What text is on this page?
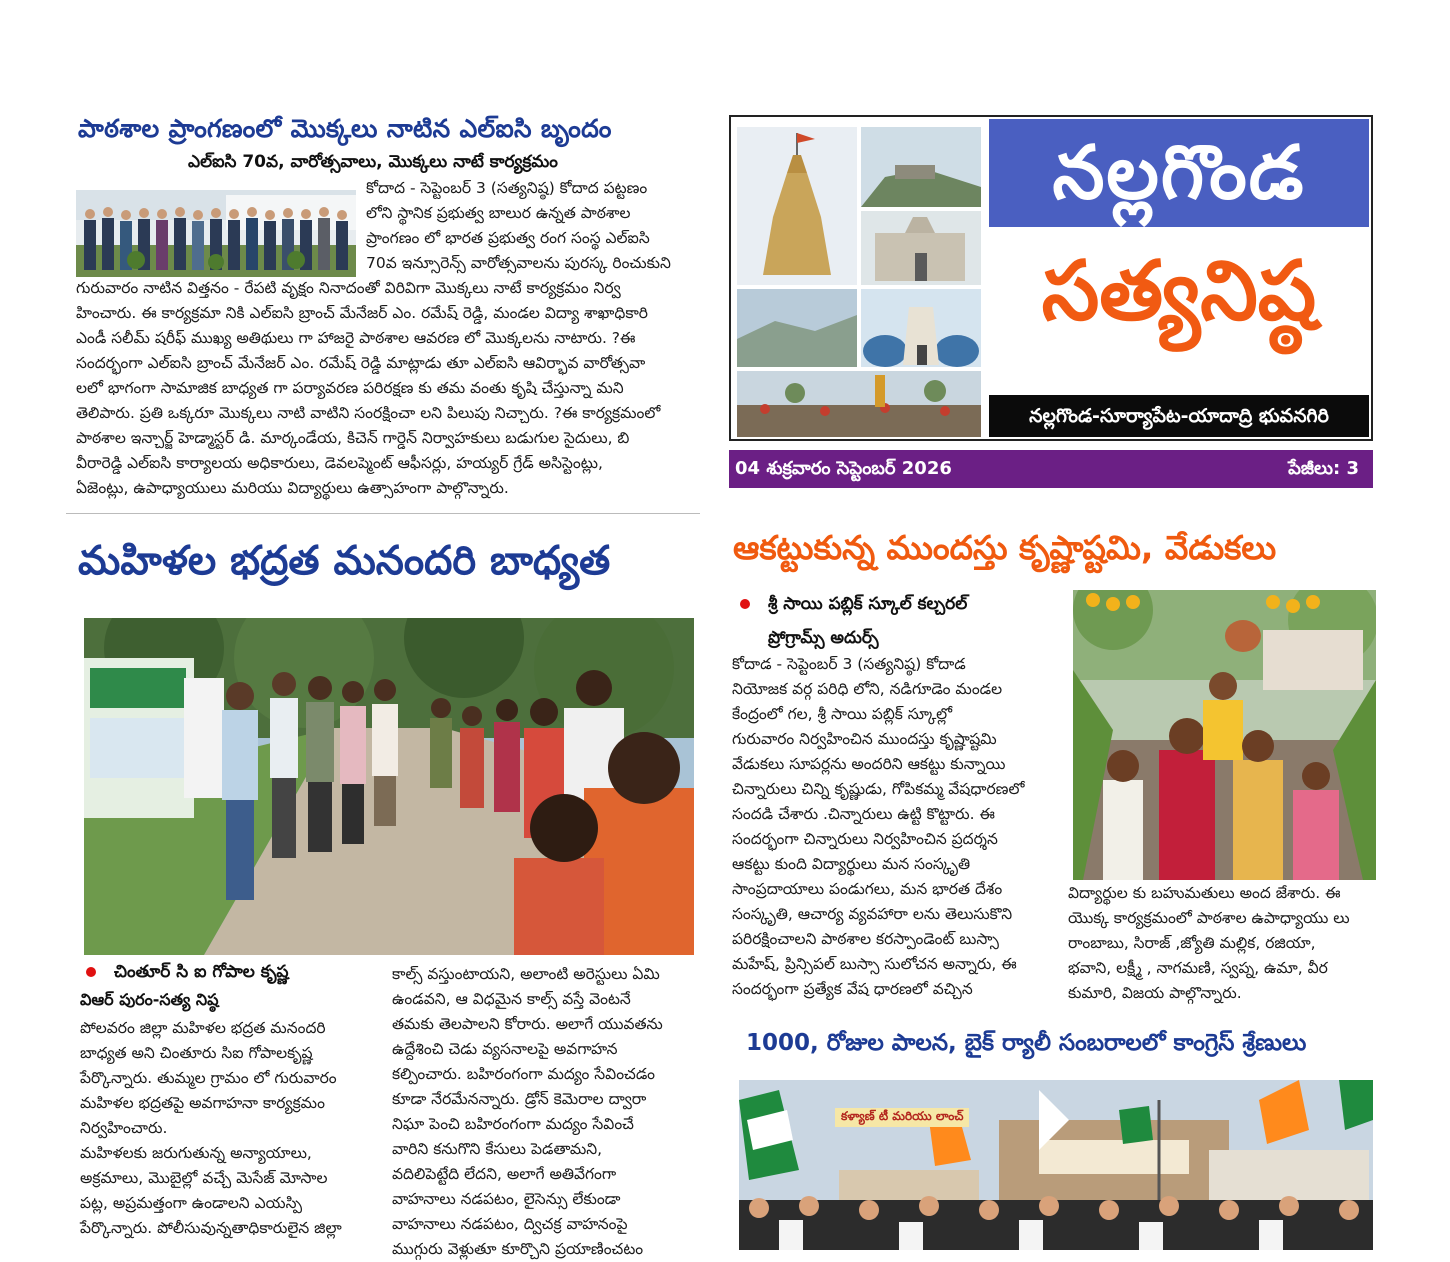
పాఠశాల ప్రాంగణంలో మొక్కలు నాటిన ఎల్ఐసి బృందం
ఎల్ఐసి 70వ, వారోత్సవాలు, మొక్కలు నాటే కార్యక్రమం
కోదాద - సెప్టెంబర్ 3 (సత్యనిష్ఠ) కోదాద పట్టణం
లోని స్థానిక ప్రభుత్వ బాలుర ఉన్నత పాఠశాల
ప్రాంగణం లో భారత ప్రభుత్వ రంగ సంస్థ ఎల్ఐసి
70వ ఇన్సూరెన్స్ వారోత్సవాలను పురస్క రించుకుని
గురువారం నాటిన విత్తనం - రేపటి వృక్షం నినాదంతో విరివిగా మొక్కలు నాటే కార్యక్రమం నిర్వ
హించారు. ఈ కార్యక్రమా నికి ఎల్ఐసి బ్రాంచ్ మేనేజర్ ఎం. రమేష్ రెడ్డి, మండల విద్యా శాఖాధికారి
ఎండీ సలీమ్ షరీఫ్ ముఖ్య అతిథులు గా హాజరై పాఠశాల ఆవరణ లో మొక్కలను నాటారు. ?ఈ
సందర్భంగా ఎల్ఐసి బ్రాంచ్ మేనేజర్ ఎం. రమేష్ రెడ్డి మాట్లాడు తూ ఎల్ఐసి ఆవిర్భావ వారోత్సవా
లలో భాగంగా సామాజిక బాధ్యత గా పర్యావరణ పరిరక్షణ కు తమ వంతు కృషి చేస్తున్నా మని
తెలిపారు. ప్రతి ఒక్కరూ మొక్కలు నాటి వాటిని సంరక్షించా లని పిలుపు నిచ్చారు. ?ఈ కార్యక్రమంలో
పాఠశాల ఇన్చార్జ్ హెడ్మాస్టర్ డి. మార్కండేయ, కిచెన్ గార్డెన్ నిర్వాహకులు బడుగుల సైదులు, బి
వీరారెడ్డి ఎల్ఐసి కార్యాలయ అధికారులు, డెవలప్మెంట్ ఆఫీసర్లు, హయ్యర్ గ్రేడ్ అసిస్టెంట్లు,
ఏజెంట్లు, ఉపాధ్యాయులు మరియు విద్యార్థులు ఉత్సాహంగా పాల్గొన్నారు.
నల్లగొండ
సత్యనిష్ఠ
నల్లగొండ-సూర్యాపేట-యాదాద్రి భువనగిరి
04 శుక్రవారం సెప్టెంబర్ 2026	పేజీలు: 3
మహిళల భద్రత మనందరి బాధ్యత
చింతూర్ సి ఐ గోపాల కృష్ణ
విఆర్ పురం-సత్య నిష్ఠ
పోలవరం జిల్లా మహిళల భద్రత మనందరి
బాధ్యత అని చింతూరు సిఐ గోపాలకృష్ణ
పేర్కొన్నారు. తుమ్మల గ్రామం లో గురువారం
మహిళల భద్రతపై అవగాహనా కార్యక్రమం
నిర్వహించారు.
మహిళలకు జరుగుతున్న అన్యాయాలు,
అక్రమాలు, మొబైల్లో వచ్చే మెసేజ్ మోసాల
పట్ల, అప్రమత్తంగా ఉండాలని ఎయస్పి
పేర్కొన్నారు. పోలీసువున్నతాధికారులైన జిల్లా
కాల్స్ వస్తుంటాయని, అలాంటి అరెస్టులు ఏమి
ఉండవని, ఆ విధమైన కాల్స్ వస్తే వెంటనే
తమకు తెలపాలని కోరారు. అలాగే యువతను
ఉద్దేశించి చెడు వ్యసనాలపై అవగాహన
కల్పించారు. బహిరంగంగా మద్యం సేవించడం
కూడా నేరమేనన్నారు. డ్రోన్ కెమెరాల ద్వారా
నిఘా పెంచి బహిరంగంగా మద్యం సేవించే
వారిని కనుగొని కేసులు పెడతామని,
వదిలిపెట్టేది లేదని, అలాగే అతివేగంగా
వాహనాలు నడపటం, లైసెన్సు లేకుండా
వాహనాలు నడపటం, ద్విచక్ర వాహనంపై
ముగ్గురు వెళ్లుతూ కూర్చొని ప్రయాణించటం
ఆకట్టుకున్న ముందస్తు కృష్ణాష్టమి, వేడుకలు
శ్రీ సాయి పబ్లిక్ స్కూల్ కల్చరల్
ప్రోగ్రామ్స్ అదుర్స్
కోదాడ - సెప్టెంబర్ 3 (సత్యనిష్ఠ) కోదాడ
నియోజక వర్గ పరిధి లోని, నడిగూడెం మండల
కేంద్రంలో గల, శ్రీ సాయి పబ్లిక్ స్కూల్లో
గురువారం నిర్వహించిన ముందస్తు కృష్ణాష్టమి
వేడుకలు సూపర్లను అందరిని ఆకట్టు కున్నాయి
చిన్నారులు చిన్ని కృష్ణుడు, గోపికమ్మ వేషధారణలో
సందడి చేశారు .చిన్నారులు ఉట్టి కొట్టారు. ఈ
సందర్భంగా చిన్నారులు నిర్వహించిన ప్రదర్శన
ఆకట్టు కుంది విద్యార్థులు మన సంస్కృతి
సాంప్రదాయాలు పండుగలు, మన భారత దేశం
సంస్కృతి, ఆచార్య వ్యవహారా లను తెలుసుకొని
పరిరక్షించాలని పాఠశాల కరస్పాండెంట్ బుస్సా
మహేష్, ప్రిన్సిపల్ బుస్సా సులోచన అన్నారు, ఈ
సందర్భంగా ప్రత్యేక వేష ధారణలో వచ్చిన
విద్యార్థుల కు బహుమతులు అంద జేశారు. ఈ
యొక్క కార్యక్రమంలో పాఠశాల ఉపాధ్యాయు లు
రాంబాబు, సిరాజ్ ,జ్యోతి మల్లిక, రజియా,
భవాని, లక్ష్మీ , నాగమణి, స్వప్న, ఉమా, వీర
కుమారి, విజయ పాల్గొన్నారు.
1000, రోజుల పాలన, బైక్ ర్యాలీ సంబరాలలో కాంగ్రెస్ శ్రేణులు
కళ్యాణ్ టీ మరియు లాంచ్
